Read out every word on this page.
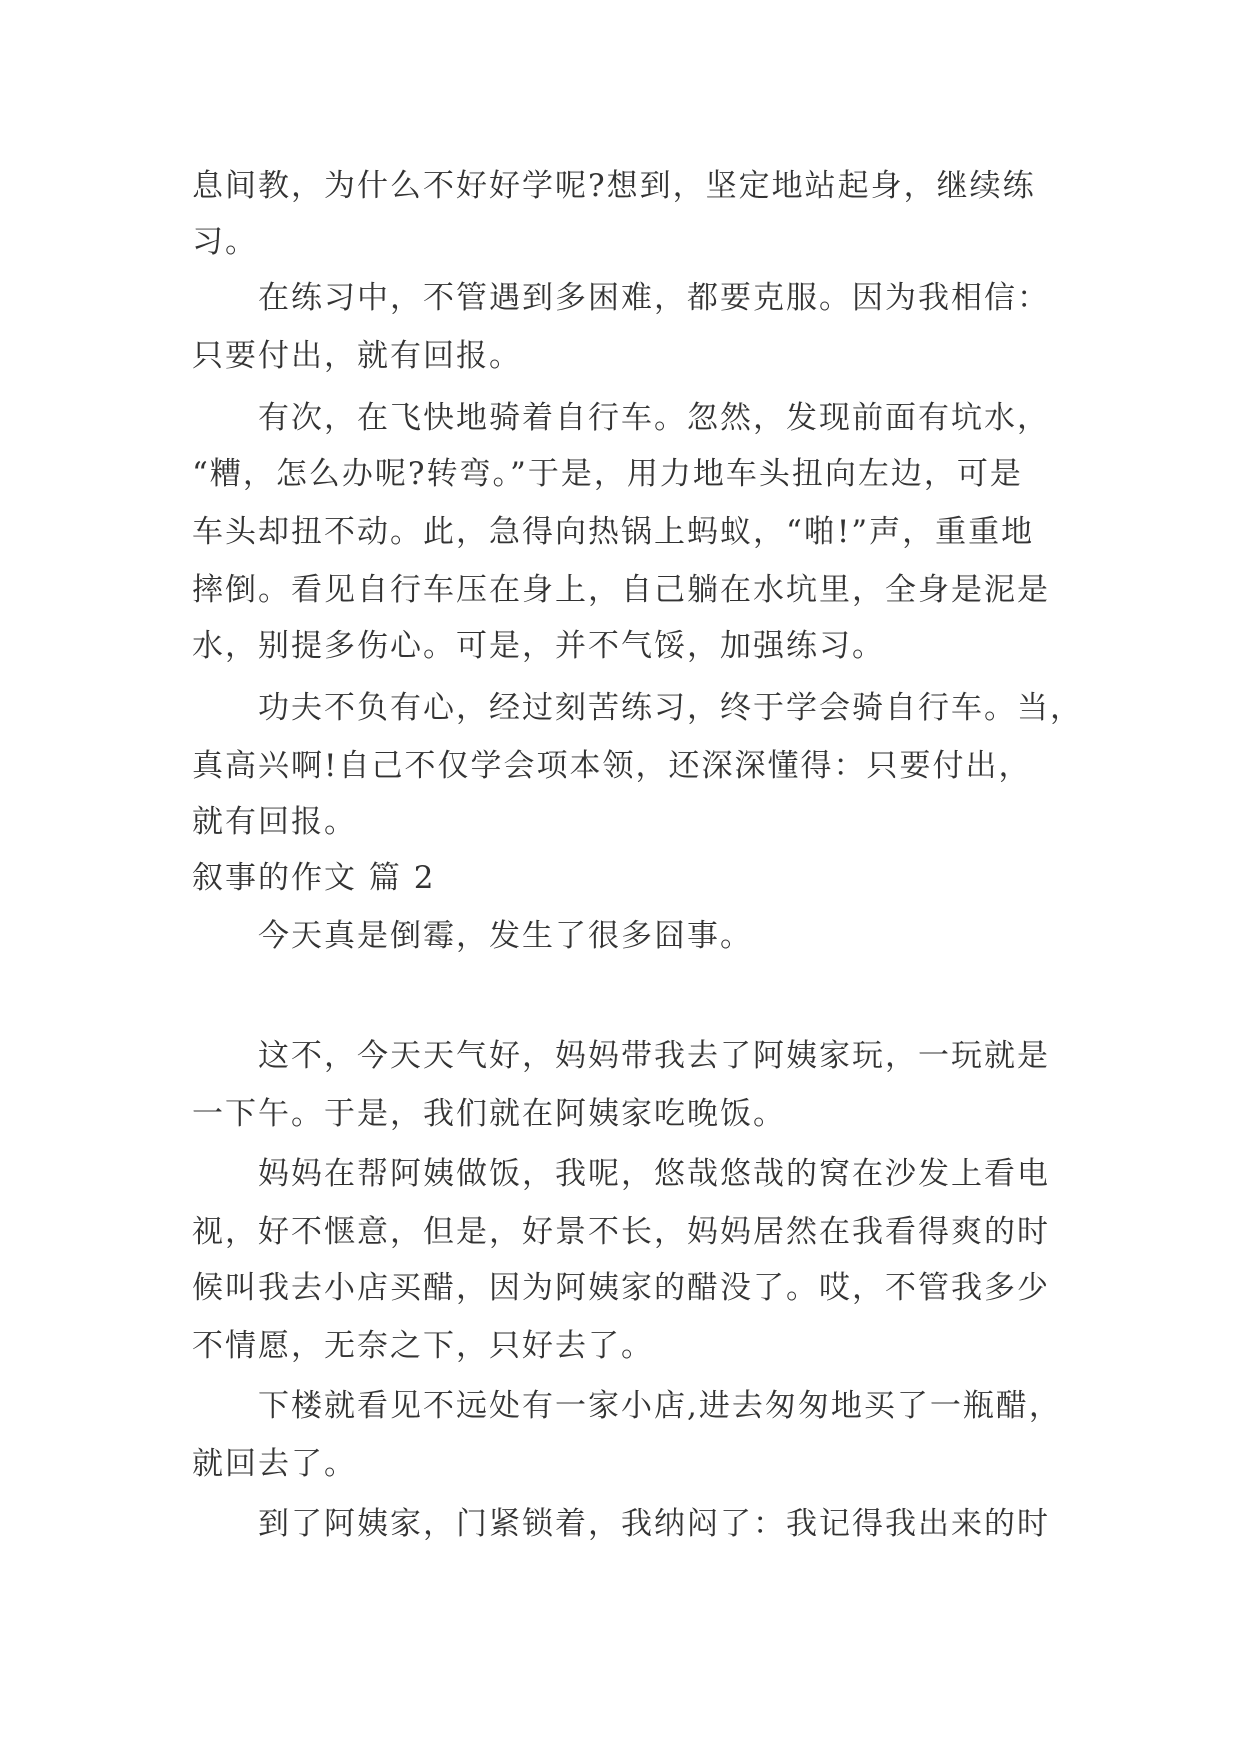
息间教，为什么不好好学呢?想到，坚定地站起身，继续练
习。
在练习中，不管遇到多困难，都要克服。因为我相信：
只要付出，就有回报。
有次，在飞快地骑着自行车。忽然，发现前面有坑水，
“糟，怎么办呢?转弯。”于是，用力地车头扭向左边，可是
车头却扭不动。此，急得向热锅上蚂蚁，“啪!”声，重重地
摔倒。看见自行车压在身上，自己躺在水坑里，全身是泥是
水，别提多伤心。可是，并不气馁，加强练习。
功夫不负有心，经过刻苦练习，终于学会骑自行车。当，
真高兴啊!自己不仅学会项本领，还深深懂得：只要付出，
就有回报。
叙事的作文 篇 2
今天真是倒霉，发生了很多囧事。
这不，今天天气好，妈妈带我去了阿姨家玩，一玩就是
一下午。于是，我们就在阿姨家吃晚饭。
妈妈在帮阿姨做饭，我呢，悠哉悠哉的窝在沙发上看电
视，好不惬意，但是，好景不长，妈妈居然在我看得爽的时
候叫我去小店买醋，因为阿姨家的醋没了。哎，不管我多少
不情愿，无奈之下，只好去了。
下楼就看见不远处有一家小店,进去匆匆地买了一瓶醋，
就回去了。
到了阿姨家，门紧锁着，我纳闷了：我记得我出来的时
